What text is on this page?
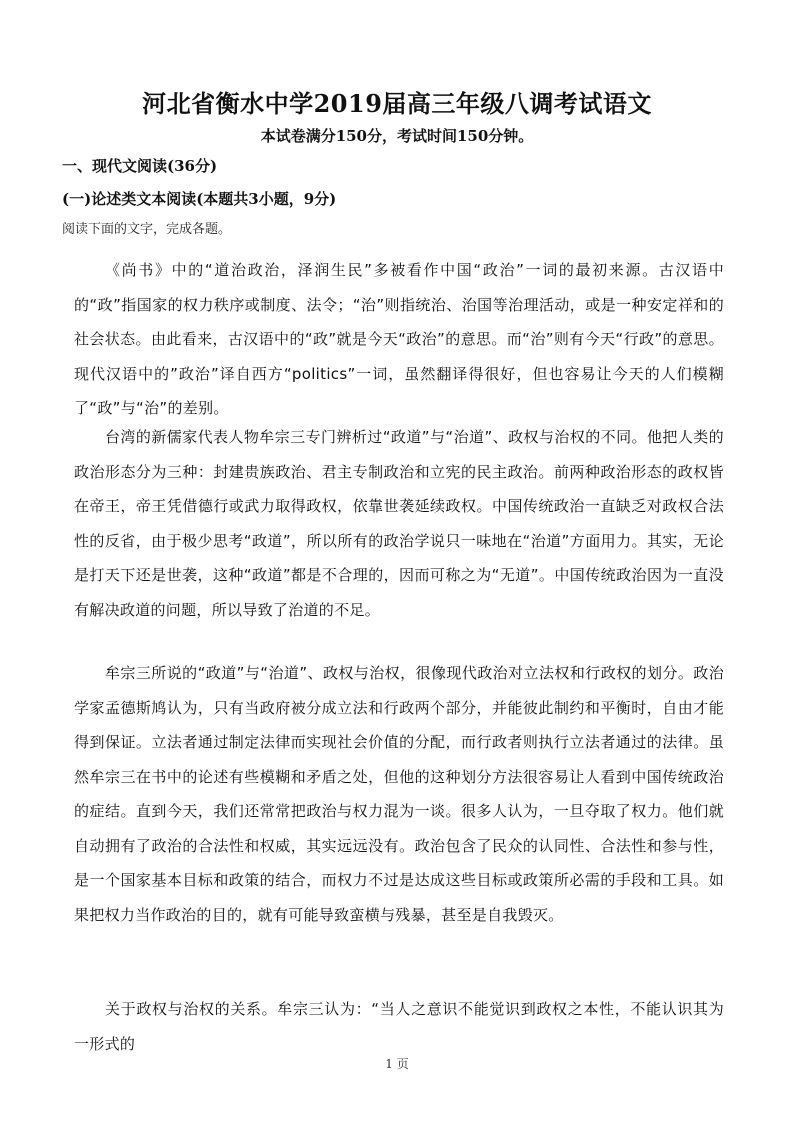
河北省衡水中学2019届高三年级八调考试语文
本试卷满分150分，考试时间150分钟。
一、现代文阅读(36分)
(一)论述类文本阅读(本题共3小题，9分)
阅读下面的文字，完成各题。

《尚书》中的“道治政治，泽润生民”多被看作中国“政治”一词的最初来源。古汉语中的“政”指国家的权力秩序或制度、法令；“治”则指统治、治国等治理活动，或是一种安定祥和的社会状态。由此看来，古汉语中的“政”就是今天“政治”的意思。而“治”则有今天“行政”的意思。现代汉语中的”政治”译自西方“politics”一词，虽然翻译得很好，但也容易让今天的人们模糊了“政”与“治”的差别。

台湾的新儒家代表人物牟宗三专门辨析过“政道”与“治道”、政权与治权的不同。他把人类的政治形态分为三种：封建贵族政治、君主专制政治和立宪的民主政治。前两种政治形态的政权皆在帝王，帝王凭借德行或武力取得政权，依靠世袭延续政权。中国传统政治一直缺乏对政权合法性的反省，由于极少思考“政道”，所以所有的政治学说只一味地在“治道”方面用力。其实，无论是打天下还是世袭，这种“政道”都是不合理的，因而可称之为“无道”。中国传统政治因为一直没有解决政道的问题，所以导致了治道的不足。

牟宗三所说的“政道”与“治道”、政权与治权，很像现代政治对立法权和行政权的划分。政治学家孟德斯鸠认为，只有当政府被分成立法和行政两个部分，并能彼此制约和平衡时，自由才能得到保证。立法者通过制定法律而实现社会价值的分配，而行政者则执行立法者通过的法律。虽然牟宗三在书中的论述有些模糊和矛盾之处，但他的这种划分方法很容易让人看到中国传统政治的症结。直到今天，我们还常常把政治与权力混为一谈。很多人认为，一旦夺取了权力。他们就自动拥有了政治的合法性和权威，其实远远没有。政治包含了民众的认同性、合法性和参与性，是一个国家基本目标和政策的结合，而权力不过是达成这些目标或政策所必需的手段和工具。如果把权力当作政治的目的，就有可能导致蛮横与残暴，甚至是自我毁灭。

关于政权与治权的关系。牟宗三认为：“当人之意识不能觉识到政权之本性，不能认识其为一形式的

1 页
